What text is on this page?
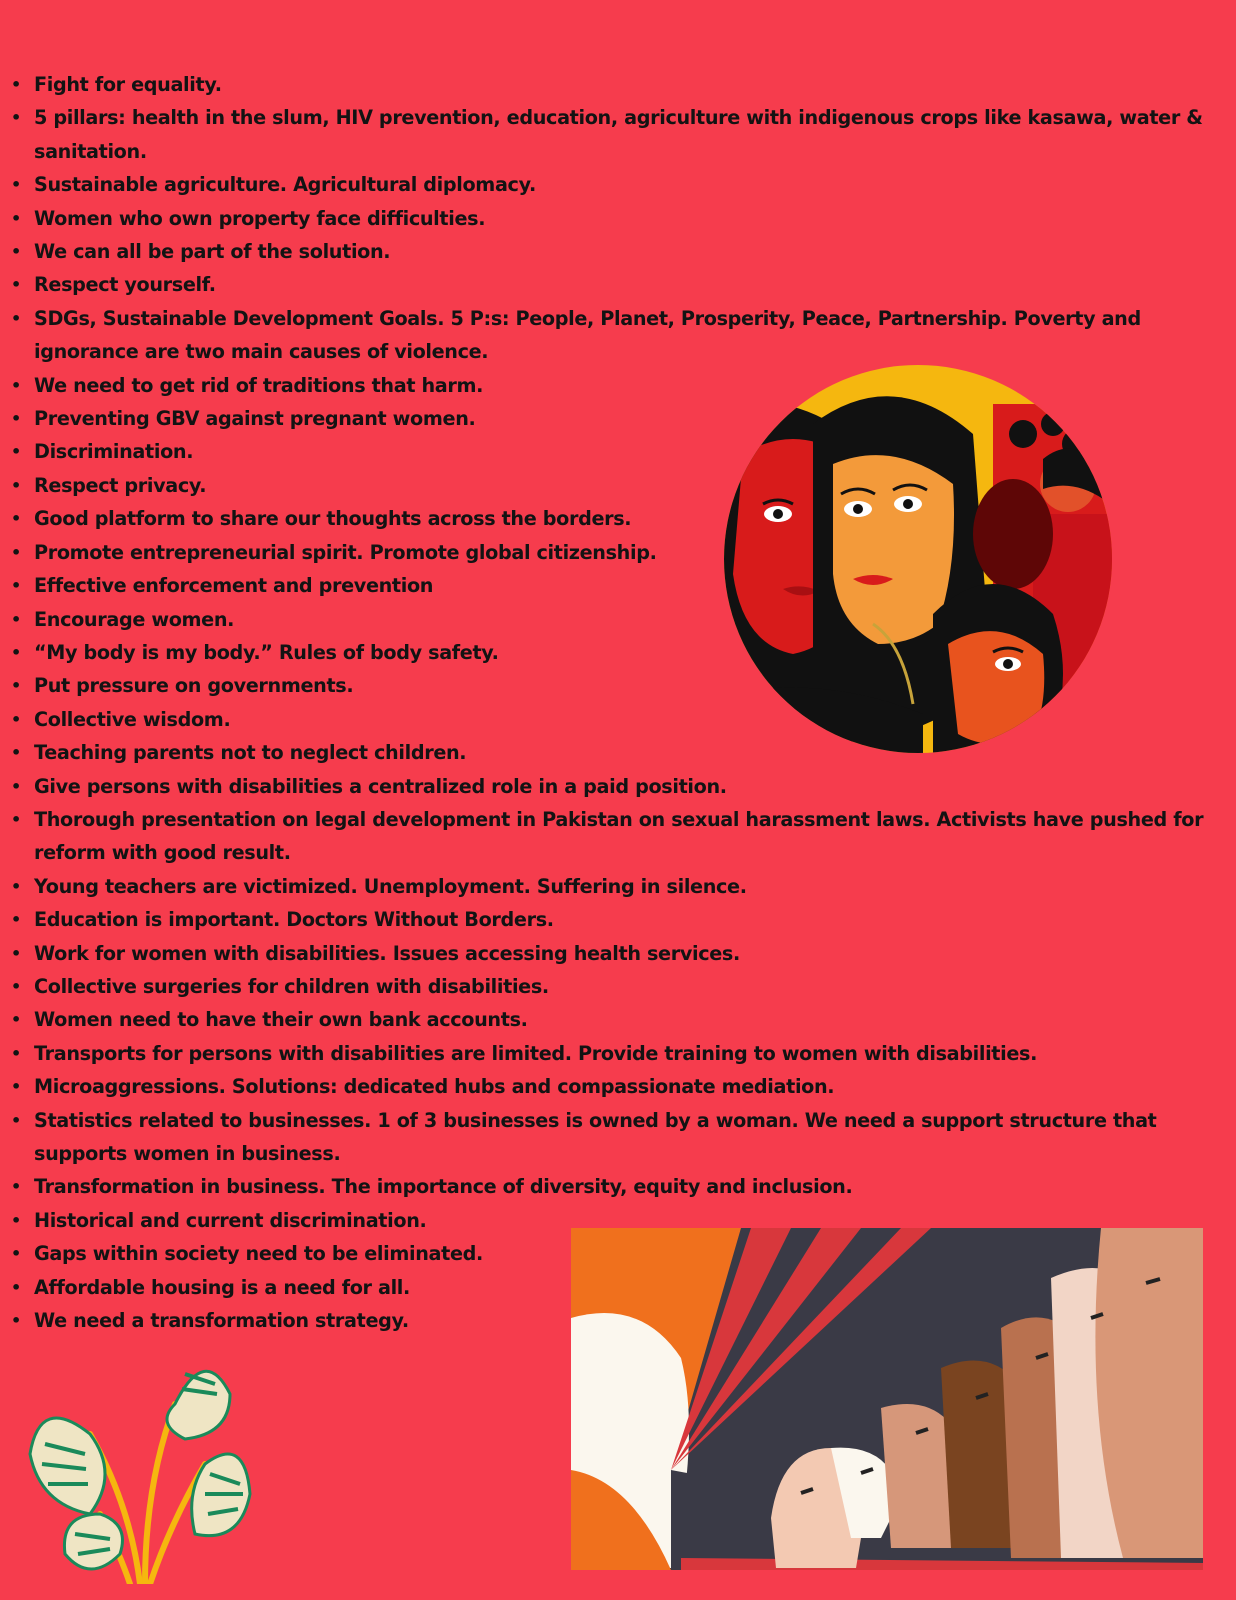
• Fight for equality.
• 5 pillars: health in the slum, HIV prevention, education, agriculture with indigenous crops like kasawa, water & sanitation.
• Sustainable agriculture. Agricultural diplomacy.
• Women who own property face difficulties.
• We can all be part of the solution.
• Respect yourself.
• SDGs, Sustainable Development Goals. 5 P:s: People, Planet, Prosperity, Peace, Partnership. Poverty and ignorance are two main causes of violence.
• We need to get rid of traditions that harm.
• Preventing GBV against pregnant women.
• Discrimination.
• Respect privacy.
• Good platform to share our thoughts across the borders.
• Promote entrepreneurial spirit. Promote global citizenship.
• Effective enforcement and prevention
• Encourage women.
• “My body is my body.” Rules of body safety.
• Put pressure on governments.
• Collective wisdom.
• Teaching parents not to neglect children.
• Give persons with disabilities a centralized role in a paid position.
• Thorough presentation on legal development in Pakistan on sexual harassment laws. Activists have pushed for reform with good result.
• Young teachers are victimized. Unemployment. Suffering in silence.
• Education is important. Doctors Without Borders.
• Work for women with disabilities. Issues accessing health services.
• Collective surgeries for children with disabilities.
• Women need to have their own bank accounts.
• Transports for persons with disabilities are limited. Provide training to women with disabilities.
• Microaggressions. Solutions: dedicated hubs and compassionate mediation.
• Statistics related to businesses. 1 of 3 businesses is owned by a woman. We need a support structure that supports women in business.
• Transformation in business. The importance of diversity, equity and inclusion.
• Historical and current discrimination.
• Gaps within society need to be eliminated.
• Affordable housing is a need for all.
• We need a transformation strategy.
